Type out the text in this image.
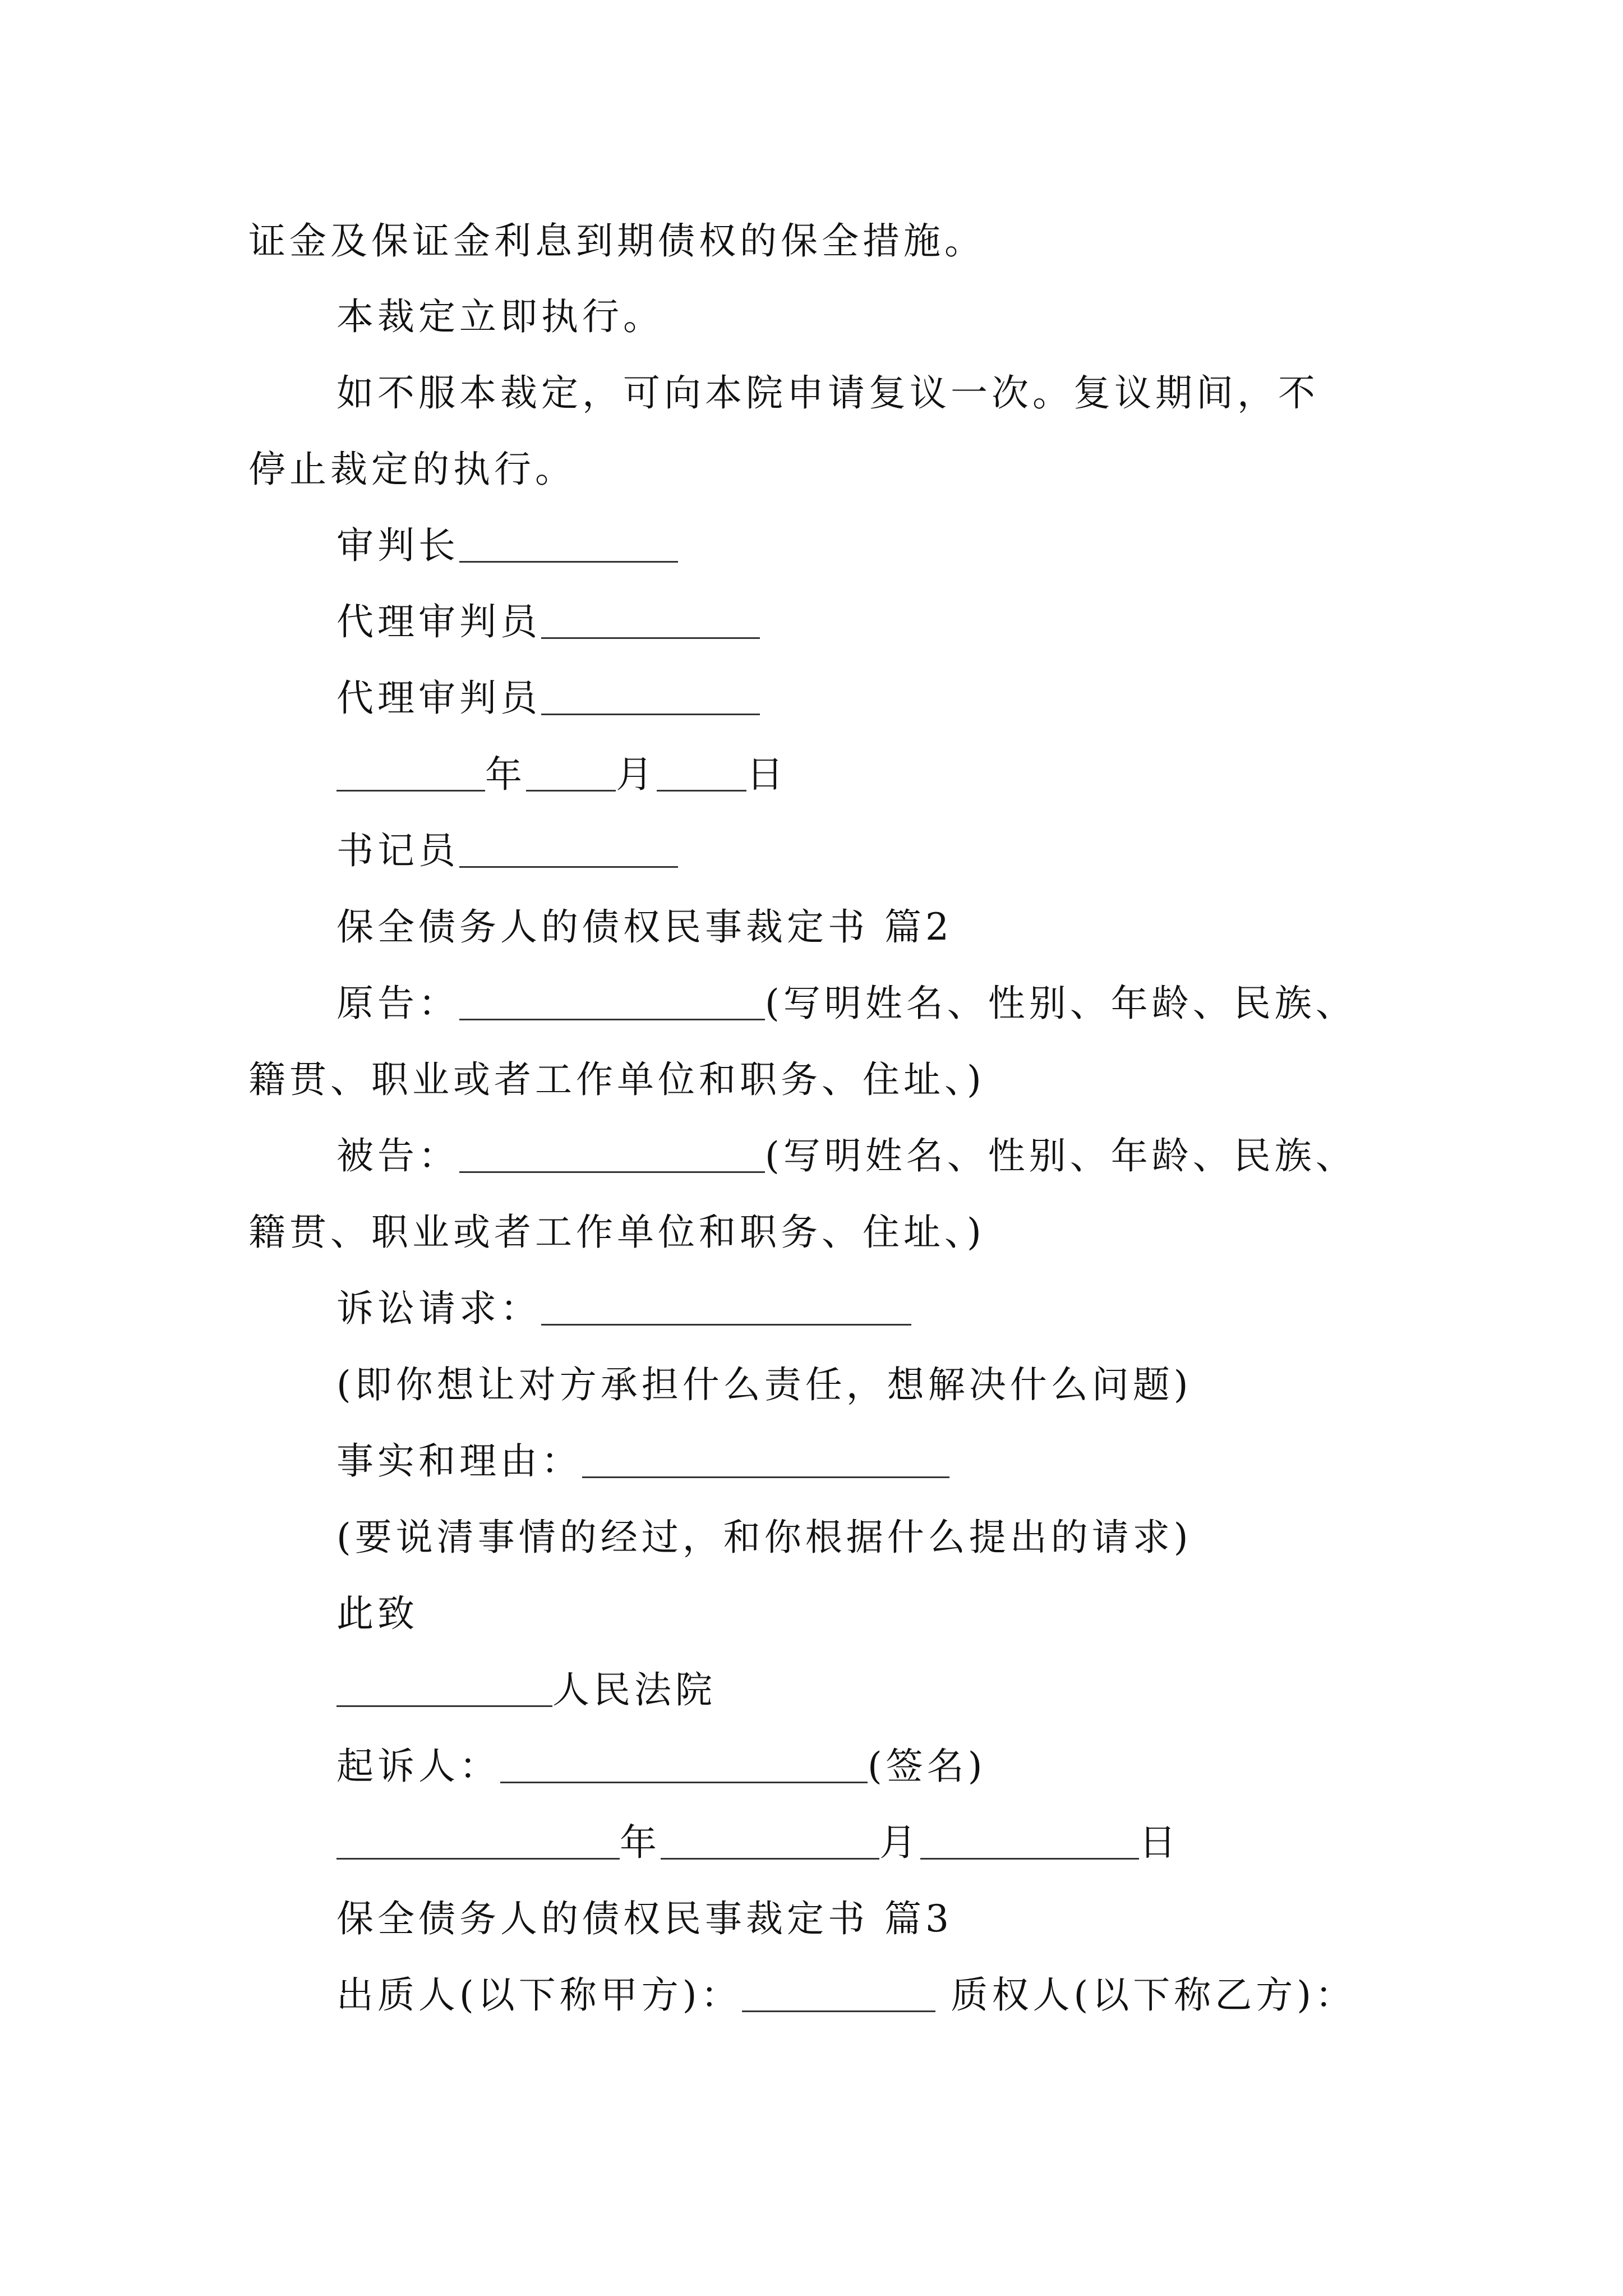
证金及保证金利息到期债权的保全措施。
本裁定立即执行。
如不服本裁定，可向本院申请复议一次。复议期间，不
停止裁定的执行。
审判长
代理审判员
代理审判员
年 月 日
书记员
保全债务人的债权民事裁定书 篇2
原告：	(写明姓名、性别、年龄、民族、
籍贯、职业或者工作单位和职务、住址、)
被告：	(写明姓名、性别、年龄、民族、
籍贯、职业或者工作单位和职务、住址、)
诉讼请求：
(即你想让对方承担什么责任，想解决什么问题)
事实和理由：
(要说清事情的经过，和你根据什么提出的请求)
此致
人民法院
起诉人：	(签名)
年	月	日
保全债务人的债权民事裁定书 篇3
出质人(以下称甲方)：	质权人(以下称乙方)：
